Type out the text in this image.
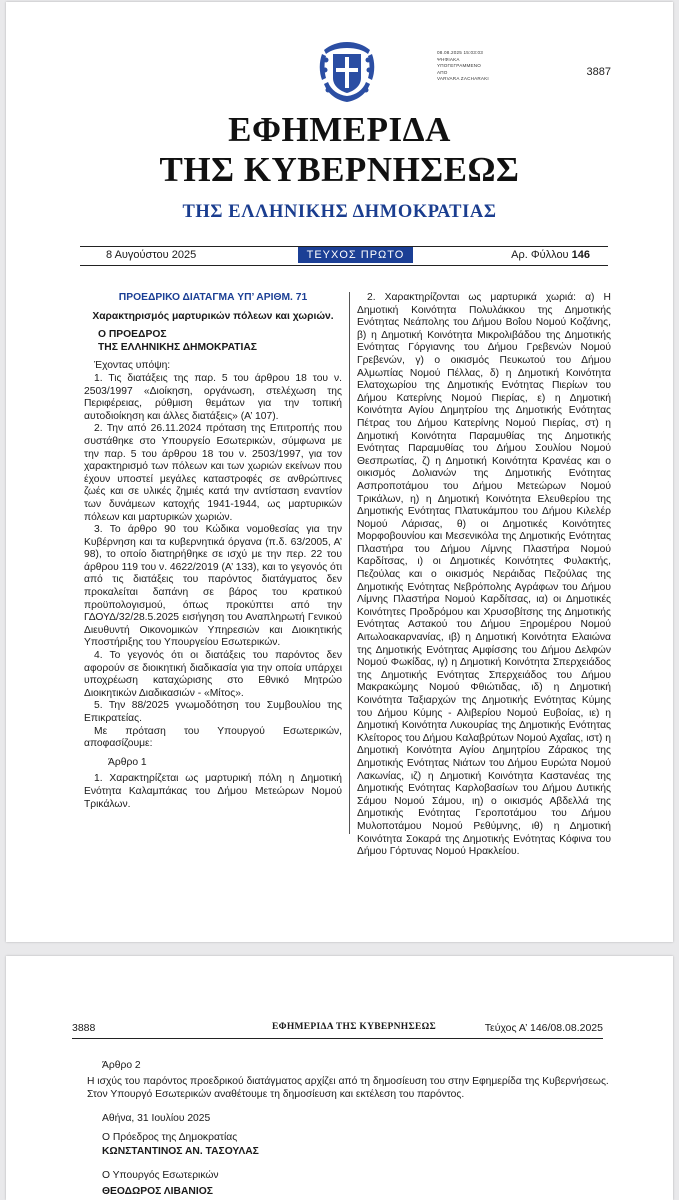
08.08.2025 15:03:03
ΨΗΦΙΑΚΑ
ΥΠΟΓΕΓΡΑΜΜΕΝΟ
ΑΠΟ
VARVARA ZACHARAKI
3887
ΕΦΗΜΕΡΙΔΑ
ΤΗΣ ΚΥΒΕΡΝΗΣΕΩΣ
ΤΗΣ ΕΛΛΗΝΙΚΗΣ ΔΗΜΟΚΡΑΤΙΑΣ
8 Αυγούστου 2025	ΤΕΥΧΟΣ ΠΡΩΤΟ	Αρ. Φύλλου 146

ΠΡΟΕΔΡΙΚΟ ΔΙΑΤΑΓΜΑ ΥΠ’ ΑΡΙΘΜ. 71

Χαρακτηρισμός μαρτυρικών πόλεων και χωριών.

Ο ΠΡΟΕΔΡΟΣ

ΤΗΣ ΕΛΛΗΝΙΚΗΣ ΔΗΜΟΚΡΑΤΙΑΣ

Έχοντας υπόψη:

1. Τις διατάξεις της παρ. 5 του άρθρου 18 του ν. 2503/1997 «Διοίκηση, οργάνωση, στελέχωση της Περιφέρειας, ρύθμιση θεμάτων για την τοπική αυτοδιοίκηση και άλλες διατάξεις» (Α’ 107).

2. Την από 26.11.2024 πρόταση της Επιτροπής που συστάθηκε στο Υπουργείο Εσωτερικών, σύμφωνα με την παρ. 5 του άρθρου 18 του ν. 2503/1997, για τον χαρακτηρισμό των πόλεων και των χωριών εκείνων που έχουν υποστεί μεγάλες καταστροφές σε ανθρώπινες ζωές και σε υλικές ζημιές κατά την αντίσταση εναντίον των δυνάμεων κατοχής 1941-1944, ως μαρτυρικών πόλεων και μαρτυρικών χωριών.

3. Το άρθρο 90 του Κώδικα νομοθεσίας για την Κυβέρνηση και τα κυβερνητικά όργανα (π.δ. 63/2005, Α’ 98), το οποίο διατηρήθηκε σε ισχύ με την περ. 22 του άρθρου 119 του ν. 4622/2019 (Α’ 133), και το γεγονός ότι από τις διατάξεις του παρόντος διατάγματος δεν προκαλείται δαπάνη σε βάρος του κρατικού προϋπολογισμού, όπως προκύπτει από την ΓΔΟΥΔ/32/28.5.2025 εισήγηση του Αναπληρωτή Γενικού Διευθυντή Οικονομικών Υπηρεσιών και Διοικητικής Υποστήριξης του Υπουργείου Εσωτερικών.

4. Το γεγονός ότι οι διατάξεις του παρόντος δεν αφορούν σε διοικητική διαδικασία για την οποία υπάρχει υποχρέωση καταχώρισης στο Εθνικό Μητρώο Διοικητικών Διαδικασιών - «Μίτος».

5. Την 88/2025 γνωμοδότηση του Συμβουλίου της Επικρατείας.

Με πρόταση του Υπουργού Εσωτερικών, αποφασίζουμε:

Άρθρο 1

1. Χαρακτηρίζεται ως μαρτυρική πόλη η Δημοτική Ενότητα Καλαμπάκας του Δήμου Μετεώρων Νομού Τρικάλων.

2. Χαρακτηρίζονται ως μαρτυρικά χωριά: α) Η Δημοτική Κοινότητα Πολυλάκκου της Δημοτικής Ενότητας Νεάπολης του Δήμου Βοΐου Νομού Κοζάνης, β) η Δημοτική Κοινότητα Μικρολιβάδου της Δημοτικής Ενότητας Γόργιανης του Δήμου Γρεβενών Νομού Γρεβενών, γ) ο οικισμός Πευκωτού του Δήμου Αλμωπίας Νομού Πέλλας, δ) η Δημοτική Κοινότητα Ελατοχωρίου της Δημοτικής Ενότητας Πιερίων του Δήμου Κατερίνης Νομού Πιερίας, ε) η Δημοτική Κοινότητα Αγίου Δημητρίου της Δημοτικής Ενότητας Πέτρας του Δήμου Κατερίνης Νομού Πιερίας, στ) η Δημοτική Κοινότητα Παραμυθίας της Δημοτικής Ενότητας Παραμυθίας του Δήμου Σουλίου Νομού Θεσπρωτίας, ζ) η Δημοτική Κοινότητα Κρανέας και ο οικισμός Δολιανών της Δημοτικής Ενότητας Ασπροποτάμου του Δήμου Μετεώρων Νομού Τρικάλων, η) η Δημοτική Κοινότητα Ελευθερίου της Δημοτικής Ενότητας Πλατυκάμπου του Δήμου Κιλελέρ Νομού Λάρισας, θ) οι Δημοτικές Κοινότητες Μορφοβουνίου και Μεσενικόλα της Δημοτικής Ενότητας Πλαστήρα του Δήμου Λίμνης Πλαστήρα Νομού Καρδίτσας, ι) οι Δημοτικές Κοινότητες Φυλακτής, Πεζούλας και ο οικισμός Νεράιδας Πεζούλας της Δημοτικής Ενότητας Νεβρόπολης Αγράφων του Δήμου Λίμνης Πλαστήρα Νομού Καρδίτσας, ια) οι Δημοτικές Κοινότητες Προδρόμου και Χρυσοβίτσης της Δημοτικής Ενότητας Αστακού του Δήμου Ξηρομέρου Νομού Αιτωλοακαρνανίας, ιβ) η Δημοτική Κοινότητα Ελαιώνα της Δημοτικής Ενότητας Αμφίσσης του Δήμου Δελφών Νομού Φωκίδας, ιγ) η Δημοτική Κοινότητα Σπερχειάδος της Δημοτικής Ενότητας Σπερχειάδος του Δήμου Μακρακώμης Νομού Φθιώτιδας, ιδ) η Δημοτική Κοινότητα Ταξιαρχών της Δημοτικής Ενότητας Κύμης του Δήμου Κύμης - Αλιβερίου Νομού Ευβοίας, ιε) η Δημοτική Κοινότητα Λυκουρίας της Δημοτικής Ενότητας Κλείτορος του Δήμου Καλαβρύτων Νομού Αχαΐας, ιστ) η Δημοτική Κοινότητα Αγίου Δημητρίου Ζάρακος της Δημοτικής Ενότητας Νιάτων του Δήμου Ευρώτα Νομού Λακωνίας, ιζ) η Δημοτική Κοινότητα Καστανέας της Δημοτικής Ενότητας Καρλοβασίων του Δήμου Δυτικής Σάμου Νομού Σάμου, ιη) ο οικισμός Αβδελλά της Δημοτικής Ενότητας Γεροποτάμου του Δήμου Μυλοποτάμου Νομού Ρεθύμνης, ιθ) η Δημοτική Κοινότητα Σοκαρά της Δημοτικής Ενότητας Κόφινα του Δήμου Γόρτυνας Νομού Ηρακλείου.

3888	ΕΦΗΜΕΡΙΔΑ ΤΗΣ ΚΥΒΕΡΝΗΣΕΩΣ	Τεύχος Α’ 146/08.08.2025
Άρθρο 2
Η ισχύς του παρόντος προεδρικού διατάγματος αρχίζει από τη δημοσίευση του στην Εφημερίδα της Κυβερνήσεως.
Στον Υπουργό Εσωτερικών αναθέτουμε τη δημοσίευση και εκτέλεση του παρόντος.
Αθήνα, 31 Ιουλίου 2025
Ο Πρόεδρος της Δημοκρατίας
ΚΩΝΣΤΑΝΤΙΝΟΣ ΑΝ. ΤΑΣΟΥΛΑΣ
Ο Υπουργός Εσωτερικών
ΘΕΟΔΩΡΟΣ ΛΙΒΑΝΙΟΣ
